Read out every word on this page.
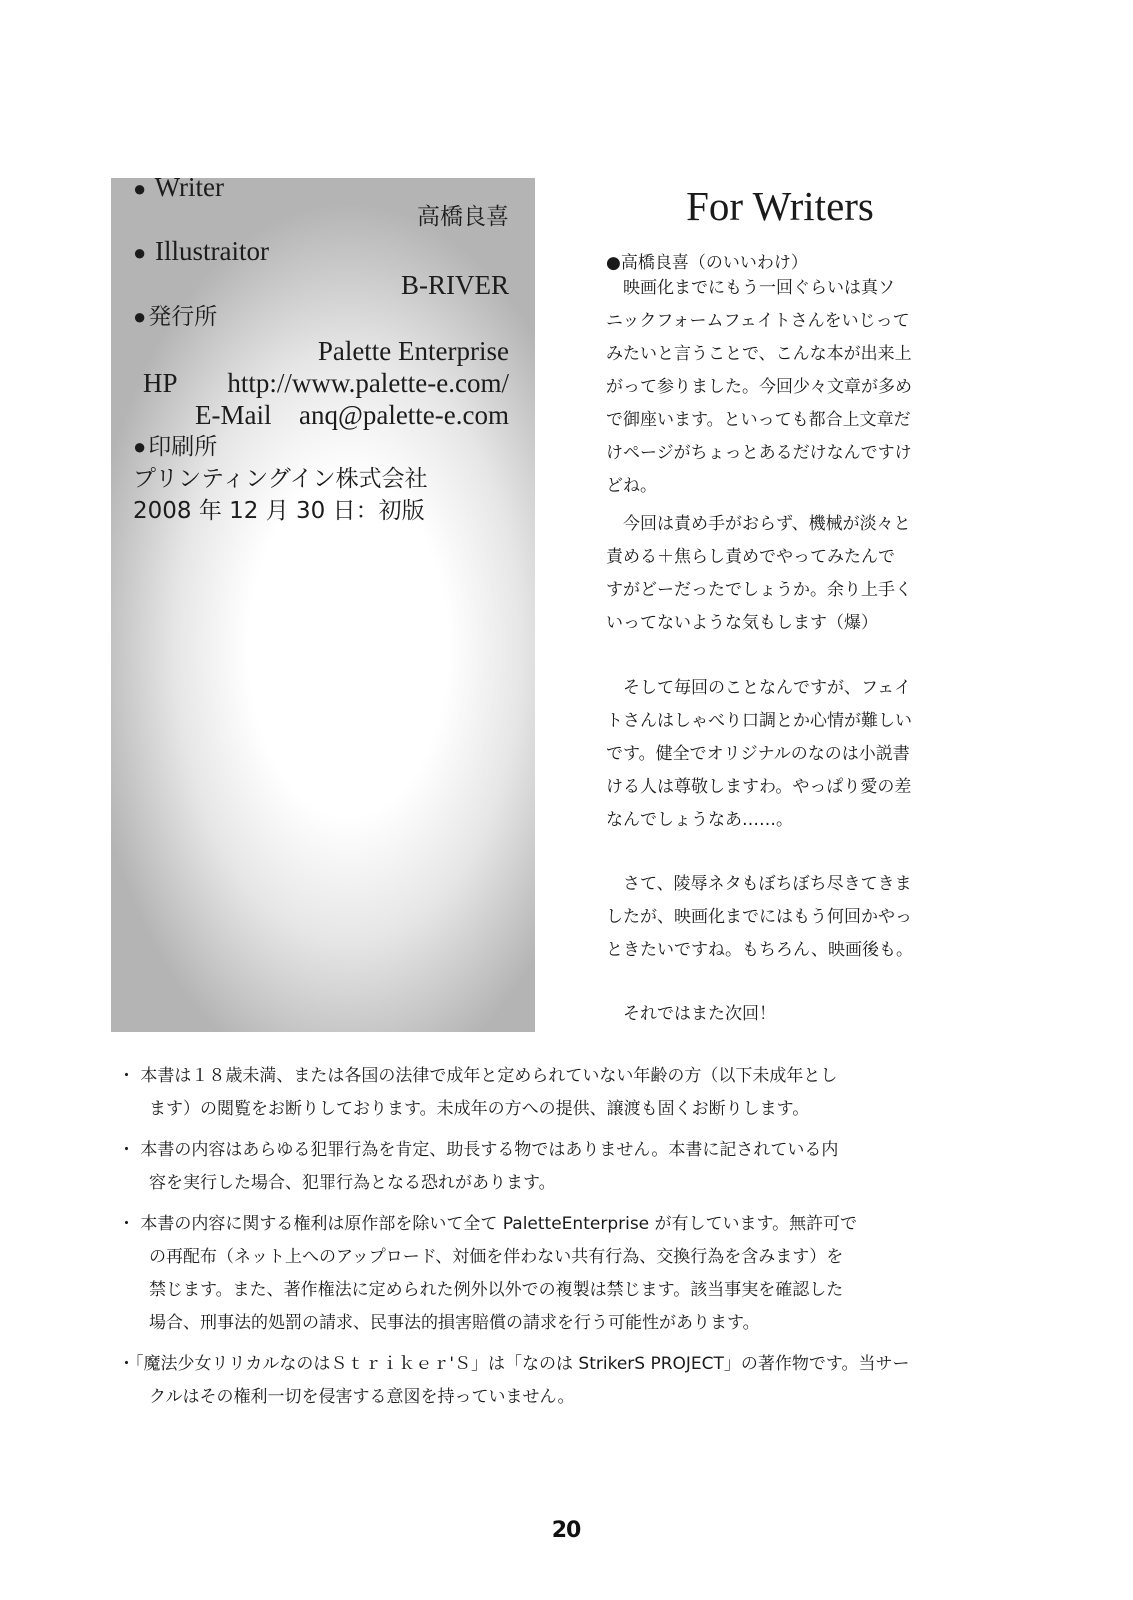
● Writer
高橋良喜
● Illustraitor
B-RIVER
●発行所
Palette Enterprise
HP http://www.palette-e.com/
E-Mail anq@palette-e.com
●印刷所
プリンティングイン株式会社
2008 年 12 月 30 日：初版
For Writers
●高橋良喜（のいいわけ）
　映画化までにもう一回ぐらいは真ソ
ニックフォームフェイトさんをいじって
みたいと言うことで、こんな本が出来上
がって参りました。今回少々文章が多め
で御座います。といっても都合上文章だ
けページがちょっとあるだけなんですけ
どね。
　今回は責め手がおらず、機械が淡々と
責める＋焦らし責めでやってみたんで
すがどーだったでしょうか。余り上手く
いってないような気もします（爆）
　そして毎回のことなんですが、フェイ
トさんはしゃべり口調とか心情が難しい
です。健全でオリジナルのなのは小説書
ける人は尊敬しますわ。やっぱり愛の差
なんでしょうなあ……。
　さて、陵辱ネタもぼちぼち尽きてきま
したが、映画化までにはもう何回かやっ
ときたいですね。もちろん、映画後も。
　それではまた次回！
・ 本書は１８歳未満、または各国の法律で成年と定められていない年齢の方（以下未成年とし
ます）の閲覧をお断りしております。未成年の方への提供、譲渡も固くお断りします。
・ 本書の内容はあらゆる犯罪行為を肯定、助長する物ではありません。本書に記されている内
容を実行した場合、犯罪行為となる恐れがあります。
・ 本書の内容に関する権利は原作部を除いて全て PaletteEnterprise が有しています。無許可で
の再配布（ネット上へのアップロード、対価を伴わない共有行為、交換行為を含みます）を
禁じます。また、著作権法に定められた例外以外での複製は禁じます。該当事実を確認した
場合、刑事法的処罰の請求、民事法的損害賠償の請求を行う可能性があります。
・「魔法少女リリカルなのはＳｔｒｉｋｅｒ'Ｓ」は「なのは StrikerS PROJECT」の著作物です。当サー
クルはその権利一切を侵害する意図を持っていません。
20
